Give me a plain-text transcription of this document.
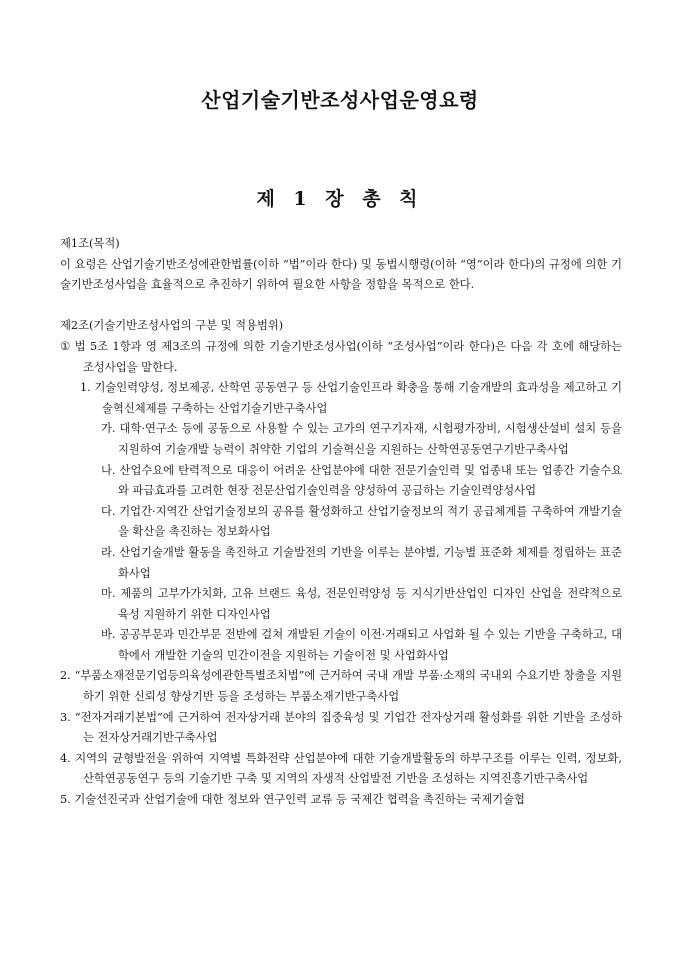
산업기술기반조성사업운영요령
제 1 장 총 칙

제1조(목적)

이 요령은 산업기술기반조성에관한법률(이하 “법”이라 한다) 및 동법시행령(이하 “영”이라 한다)의 규정에 의한 기술기반조성사업을 효율적으로 추진하기 위하여 필요한 사항을 정함을 목적으로 한다.

제2조(기술기반조성사업의 구분 및 적용범위)

① 법 5조 1항과 영 제3조의 규정에 의한 기술기반조성사업(이하 “조성사업”이라 한다)은 다음 각 호에 해당하는 조성사업을 말한다.

1. 기술인력양성, 정보제공, 산학연 공동연구 등 산업기술인프라 확충을 통해 기술개발의 효과성을 제고하고 기술혁신체제를 구축하는 산업기술기반구축사업

가. 대학·연구소 등에 공동으로 사용할 수 있는 고가의 연구기자재, 시험평가장비, 시험생산설비 설치 등을 지원하여 기술개발 능력이 취약한 기업의 기술혁신을 지원하는 산학연공동연구기반구축사업

나. 산업수요에 탄력적으로 대응이 어려운 산업분야에 대한 전문기술인력 및 업종내 또는 업종간 기술수요와 파급효과를 고려한 현장 전문산업기술인력을 양성하여 공급하는 기술인력양성사업

다. 기업간·지역간 산업기술정보의 공유를 활성화하고 산업기술정보의 적기 공급체계를 구축하여 개발기술을 확산을 촉진하는 정보화사업

라. 산업기술개발 활동을 촉진하고 기술발전의 기반을 이루는 분야별, 기능별 표준화 체제를 정립하는 표준화사업

마. 제품의 고부가가치화, 고유 브랜드 육성, 전문인력양성 등 지식기반산업인 디자인 산업을 전략적으로 육성 지원하기 위한 디자인사업

바. 공공부문과 민간부문 전반에 걸쳐 개발된 기술이 이전·거래되고 사업화 될 수 있는 기반을 구축하고, 대학에서 개발한 기술의 민간이전을 지원하는 기술이전 및 사업화사업

2. “부품소재전문기업등의육성에관한특별조치법”에 근거하여 국내 개발 부품·소재의 국내외 수요기반 창출을 지원하기 위한 신뢰성 향상기반 등을 조성하는 부품소재기반구축사업

3. “전자거래기본법”에 근거하여 전자상거래 분야의 집중육성 및 기업간 전자상거래 활성화를 위한 기반을 조성하는 전자상거래기반구축사업

4. 지역의 균형발전을 위하여 지역별 특화전략 산업분야에 대한 기술개발활동의 하부구조를 이루는 인력, 정보화, 산학연공동연구 등의 기술기반 구축 및 지역의 자생적 산업발전 기반을 조성하는 지역진흥기반구축사업

5. 기술선진국과 산업기술에 대한 정보와 연구인력 교류 등 국제간 협력을 촉진하는 국제기술협
